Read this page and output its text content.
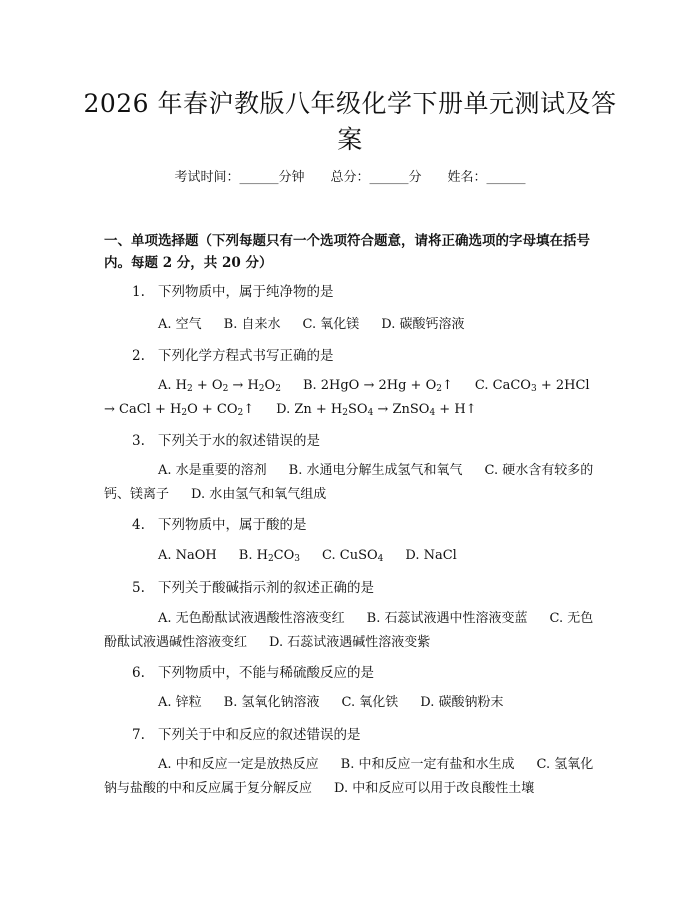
2026 年春沪教版八年级化学下册单元测试及答案
考试时间：______分钟 总分：______分 姓名：______
一、单项选择题（下列每题只有一个选项符合题意，请将正确选项的字母填在括号内。每题 2 分，共 20 分）
1. 下列物质中，属于纯净物的是
A. 空气 B. 自来水 C. 氧化镁 D. 碳酸钙溶液
2. 下列化学方程式书写正确的是
A. $H_2 + O_2 \to H_2O_2$ B. $2HgO \to 2Hg + O_2↑$ C. CaCO$_3$ + 2HCl → CaCl + $H_2O$ + $CO_2↑$ D. $Zn + H_2SO_4$ → ZnSO$_4$ + H↑
3. 下列关于水的叙述错误的是
A. 水是重要的溶剂 B. 水通电分解生成氢气和氧气 C. 硬水含有较多的钙、镁离子 D. 水由氢气和氧气组成
4. 下列物质中，属于酸的是
A. NaOH B. $H_2CO_3$ C. CuSO$_4$ D. NaCl
5. 下列关于酸碱指示剂的叙述正确的是
A. 无色酚酞试液遇酸性溶液变红 B. 石蕊试液遇中性溶液变蓝 C. 无色酚酞试液遇碱性溶液变红 D. 石蕊试液遇碱性溶液变紫
6. 下列物质中，不能与稀硫酸反应的是
A. 锌粒 B. 氢氧化钠溶液 C. 氧化铁 D. 碳酸钠粉末
7. 下列关于中和反应的叙述错误的是
A. 中和反应一定是放热反应 B. 中和反应一定有盐和水生成 C. 氢氧化钠与盐酸的中和反应属于复分解反应 D. 中和反应可以用于改良酸性土壤
